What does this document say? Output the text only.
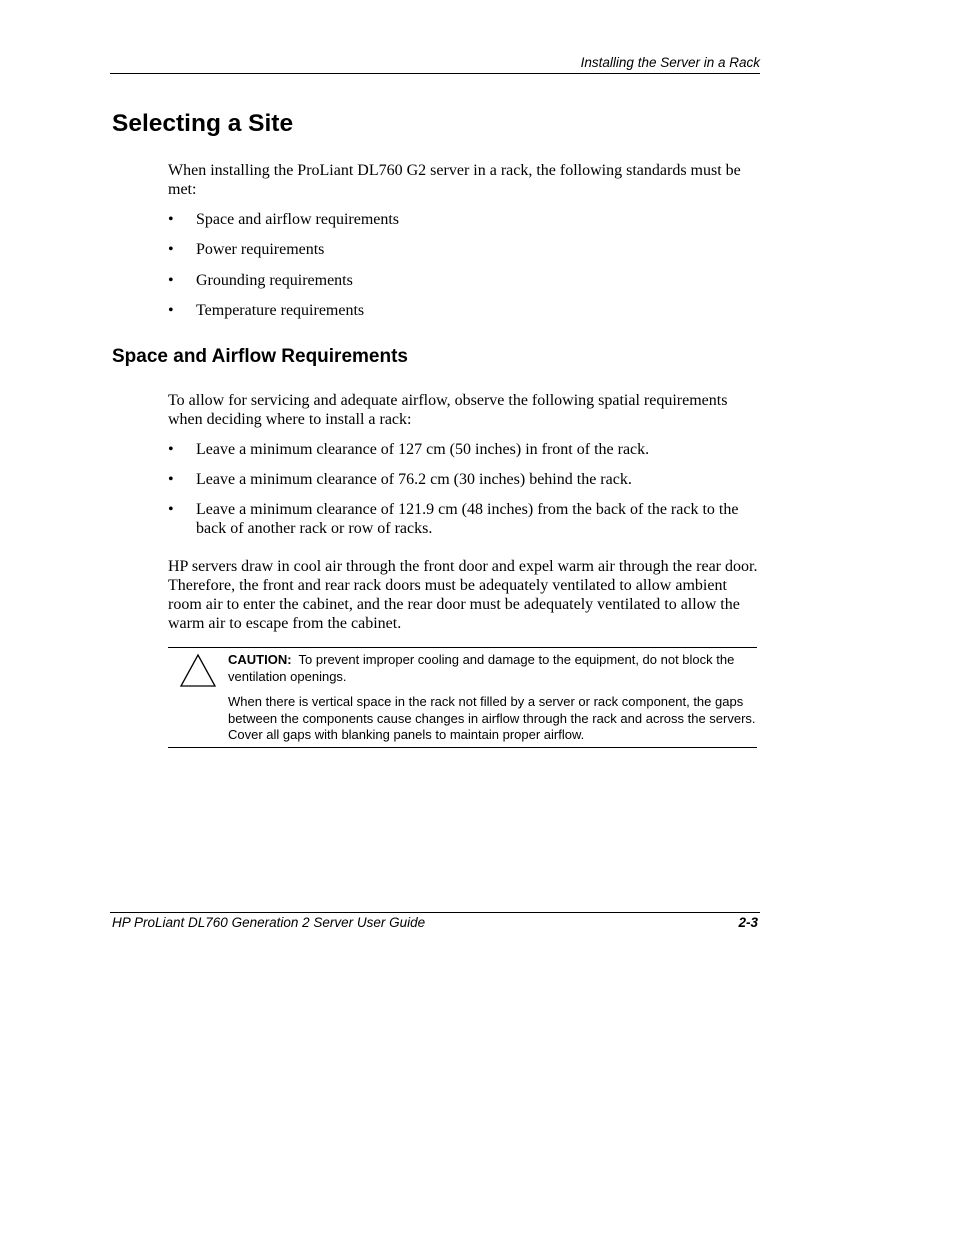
Installing the Server in a Rack
Selecting a Site

When installing the ProLiant DL760 G2 server in a rack, the following standards must be met:

• Space and airflow requirements
• Power requirements
• Grounding requirements
• Temperature requirements
Space and Airflow Requirements

To allow for servicing and adequate airflow, observe the following spatial requirements when deciding where to install a rack:

• Leave a minimum clearance of 127 cm (50 inches) in front of the rack.
• Leave a minimum clearance of 76.2 cm (30 inches) behind the rack.
• Leave a minimum clearance of 121.9 cm (48 inches) from the back of the rack to the back of another rack or row of racks.

HP servers draw in cool air through the front door and expel warm air through the rear door. Therefore, the front and rear rack doors must be adequately ventilated to allow ambient room air to enter the cabinet, and the rear door must be adequately ventilated to allow the warm air to escape from the cabinet.

CAUTION: To prevent improper cooling and damage to the equipment, do not block the ventilation openings.

When there is vertical space in the rack not filled by a server or rack component, the gaps between the components cause changes in airflow through the rack and across the servers. Cover all gaps with blanking panels to maintain proper airflow.

HP ProLiant DL760 Generation 2 Server User Guide	2-3
